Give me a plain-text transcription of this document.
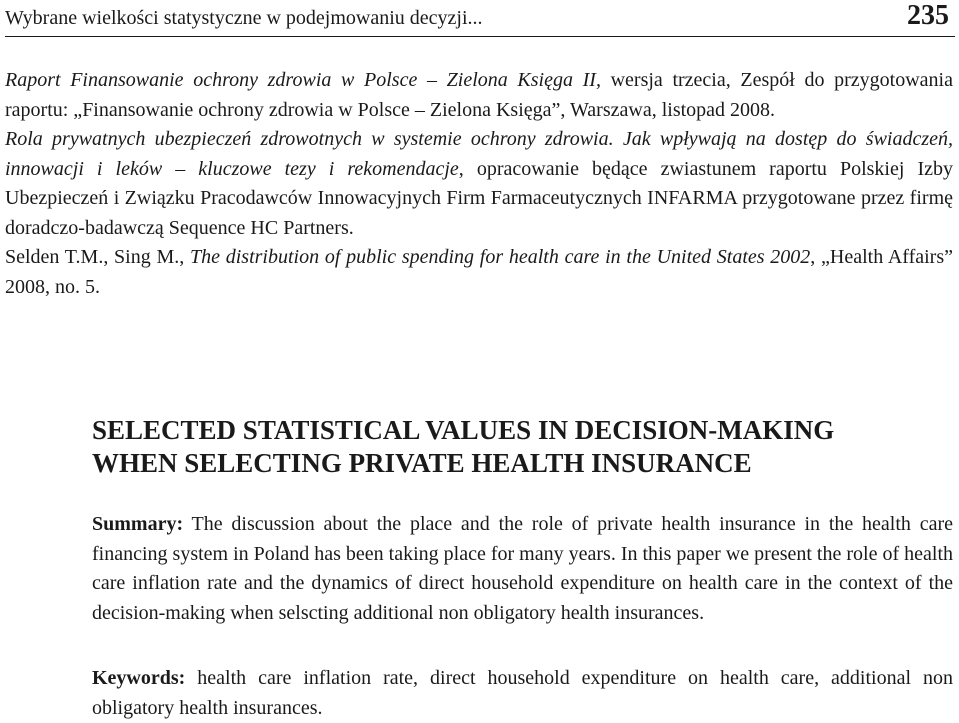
Wybrane wielkości statystyczne w podejmowaniu decyzji...	235

Raport Finansowanie ochrony zdrowia w Polsce – Zielona Księga II, wersja trzecia, Zespół do przygotowania raportu: „Finansowanie ochrony zdrowia w Polsce – Zielona Księga”, Warszawa, listopad 2008.

Rola prywatnych ubezpieczeń zdrowotnych w systemie ochrony zdrowia. Jak wpływają na dostęp do świadczeń, innowacji i leków – kluczowe tezy i rekomendacje, opracowanie będące zwiastunem raportu Polskiej Izby Ubezpieczeń i Związku Pracodawców Innowacyjnych Firm Farmaceutycznych INFARMA przygotowane przez firmę doradczo-badawczą Sequence HC Partners.

Selden T.M., Sing M., The distribution of public spending for health care in the United States 2002, „Health Affairs” 2008, no. 5.

SELECTED STATISTICAL VALUES IN DECISION-MAKING
WHEN SELECTING PRIVATE HEALTH INSURANCE

Summary: The discussion about the place and the role of private health insurance in the health care financing system in Poland has been taking place for many years. In this paper we present the role of health care inflation rate and the dynamics of direct household expenditure on health care in the context of the decision-making when selscting additional non obligatory health insurances.

Keywords: health care inflation rate, direct household expenditure on health care, additional non obligatory health insurances.
